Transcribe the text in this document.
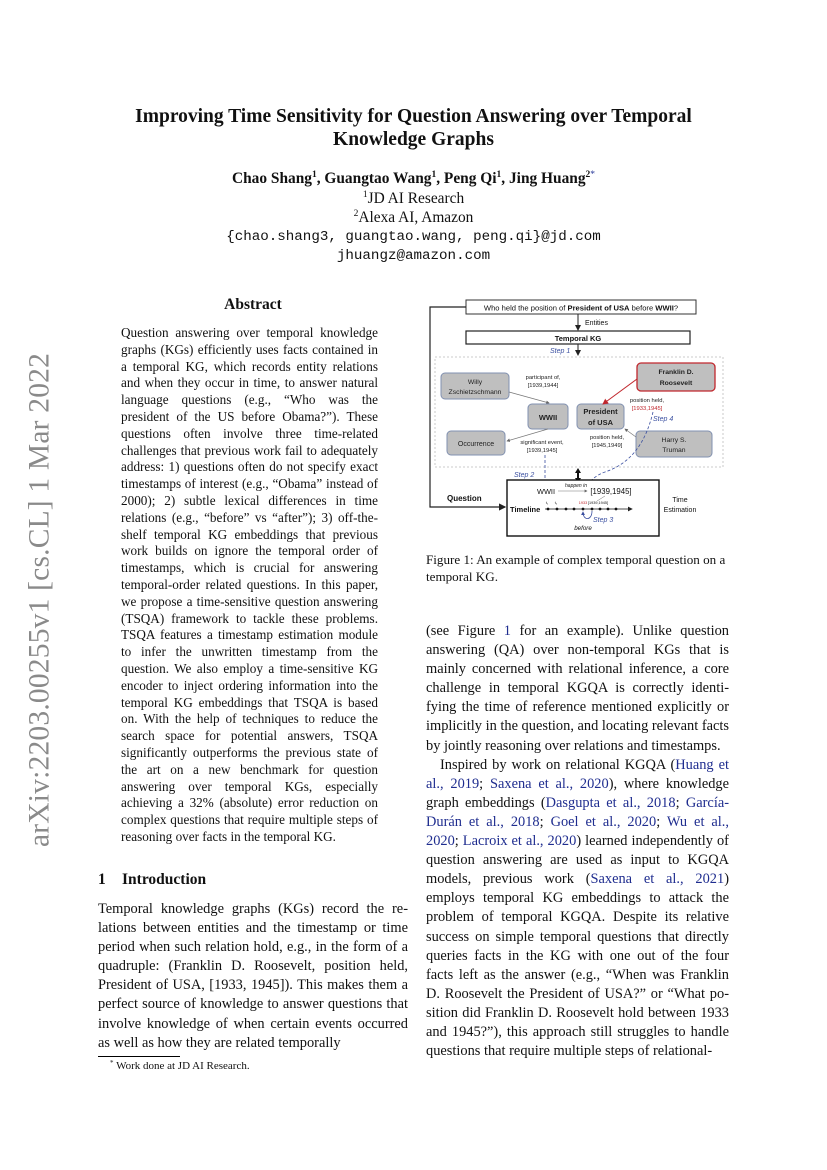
arXiv:2203.00255v1 [cs.CL] 1 Mar 2022
Improving Time Sensitivity for Question Answering over Temporal
Knowledge Graphs
Chao Shang$^1$, Guangtao Wang$^1$, Peng Qi$^1$, Jing Huang$^{2*}$
$^1$JD AI Research
$^2$Alexa AI, Amazon
{chao.shang3, guangtao.wang, peng.qi}@jd.com
jhuangz@amazon.com
Abstract
Question answering over temporal knowledge graphs (KGs) efficiently uses facts contained in a temporal KG, which records entity relations and when they occur in time, to answer natural language questions (e.g., “Who was the president of the US before Obama?”). These questions often involve three time-related challenges that previous work fail to adequately address: 1) questions often do not specify exact timestamps of interest (e.g., “Obama” instead of 2000); 2) subtle lexical differences in time relations (e.g., “before” vs “after”); 3) off-the-shelf temporal KG embeddings that previous work builds on ignore the temporal order of timestamps, which is crucial for answering temporal-order related questions. In this paper, we propose a time-sensitive question answering (TSQA) framework to tackle these problems. TSQA features a timestamp estimation module to infer the unwritten timestamp from the question. We also employ a time-sensitive KG encoder to inject ordering information into the temporal KG embeddings that TSQA is based on. With the help of techniques to reduce the search space for potential answers, TSQA significantly outperforms the previous state of the art on a new benchmark for question answering over temporal KGs, especially achieving a 32% (absolute) error reduction on complex questions that require multiple steps of reasoning over facts in the temporal KG.
1 Introduction
Temporal knowledge graphs (KGs) record the relations between entities and the timestamp or time period when such relation hold, e.g., in the form of a quadruple: (Franklin D. Roosevelt, position held, President of USA, [1933, 1945]). This makes them a perfect source of knowledge to answer questions that involve knowledge of when certain events occurred as well as how they are related temporally
* Work done at JD AI Research.
Who held the position of President of USA before WWII?
Question
Entities
Temporal KG
Step 1
Willy
Zschietzschmann
participant of,
[1939,1944]
WWII
President
of USA
Franklin D.
Roosevelt
position held,
[1933,1945]
Step 4
Occurrence	significant event,
[1939,1945]
Harry S.
Truman
position held,
[1945,1949]
Step 2
WWII
happen in
[1939,1945]
Timeline
t₁ t₂	1933 [1939,1945]
Step 3
before
Time
Estimation
Figure 1: An example of complex temporal question on a temporal KG.
(see Figure 1 for an example). Unlike question answering (QA) over non-temporal KGs that is mainly concerned with relational inference, a core challenge in temporal KGQA is correctly identifying the time of reference mentioned explicitly or implicitly in the question, and locating relevant facts by jointly reasoning over relations and timestamps.
Inspired by work on relational KGQA (Huang et al., 2019; Saxena et al., 2020), where knowledge graph embeddings (Dasgupta et al., 2018; García-Durán et al., 2018; Goel et al., 2020; Wu et al., 2020; Lacroix et al., 2020) learned independently of question answering are used as input to KGQA models, previous work (Saxena et al., 2021) employs temporal KG embeddings to attack the problem of temporal KGQA. Despite its relative success on simple temporal questions that directly queries facts in the KG with one out of the four facts left as the answer (e.g., “When was Franklin D. Roosevelt the President of USA?” or “What position did Franklin D. Roosevelt hold between 1933 and 1945?”), this approach still struggles to handle questions that require multiple steps of relational-
